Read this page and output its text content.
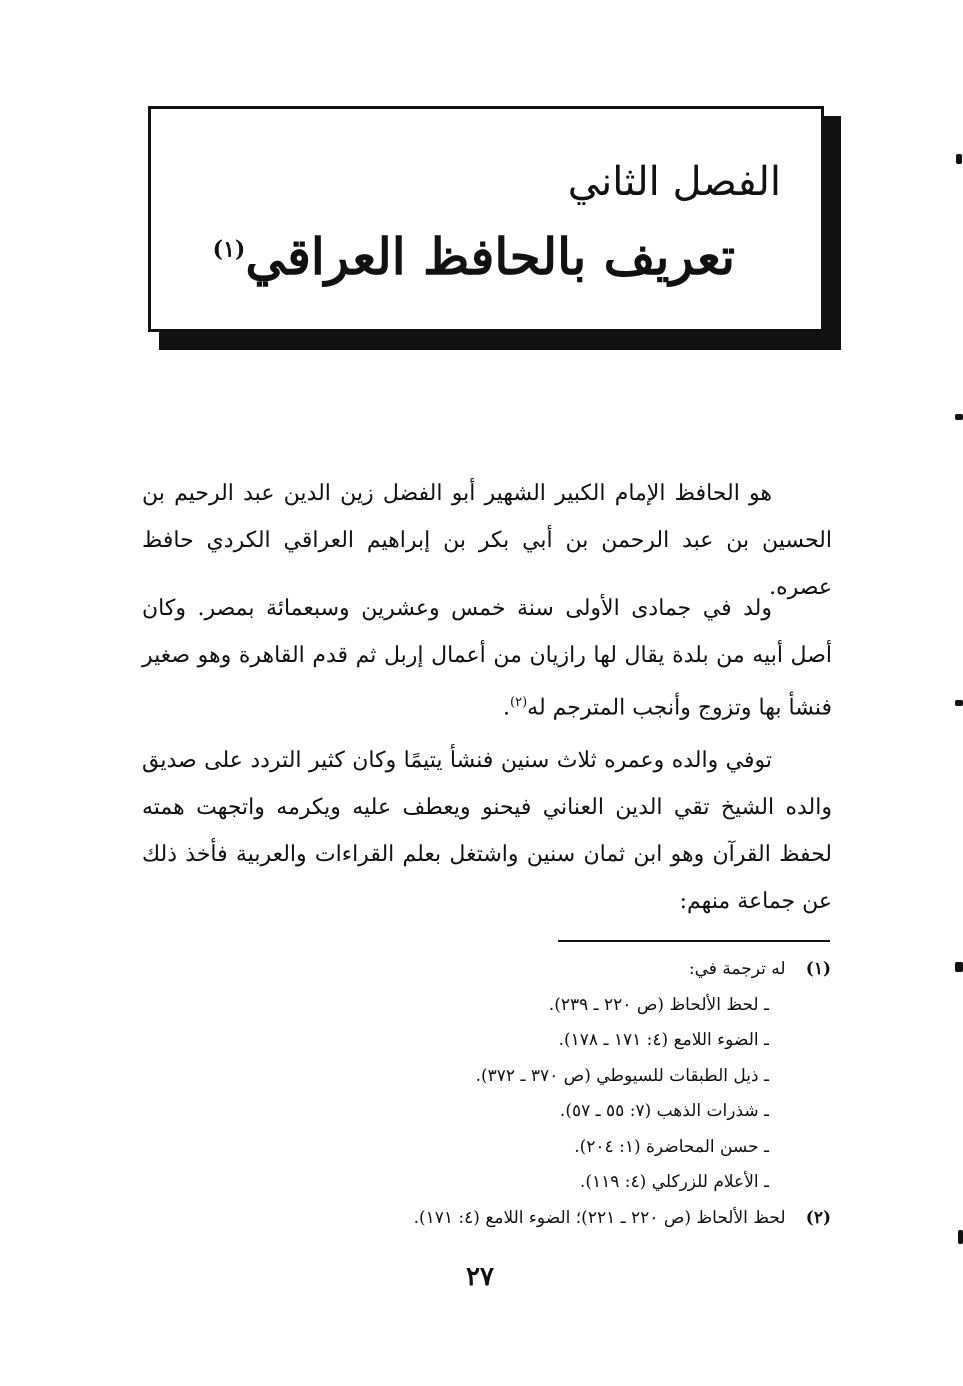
الفصل الثاني
تعريف بالحافظ العراقي$^{(١)}$

هو الحافظ الإمام الكبير الشهير أبو الفضل زين الدين عبد الرحيم بن الحسين بن عبد الرحمن بن أبي بكر بن إبراهيم العراقي الكردي حافظ عصره.

ولد في جمادى الأولى سنة خمس وعشرين وسبعمائة بمصر. وكان أصل أبيه من بلدة يقال لها رازيان من أعمال إربل ثم قدم القاهرة وهو صغير فنشأ بها وتزوج وأنجب المترجم له$^{(٢)}$.

توفي والده وعمره ثلاث سنين فنشأ يتيمًا وكان كثير التردد على صديق والده الشيخ تقي الدين العناني فيحنو ويعطف عليه ويكرمه واتجهت همته لحفظ القرآن وهو ابن ثمان سنين واشتغل بعلم القراءات والعربية فأخذ ذلك عن جماعة منهم:

(١) له ترجمة في:
ـ لحظ الألحاظ (ص ٢٢٠ ـ ٢٣٩).
ـ الضوء اللامع (٤: ١٧١ ـ ١٧٨).
ـ ذيل الطبقات للسيوطي (ص ٣٧٠ ـ ٣٧٢).
ـ شذرات الذهب (٧: ٥٥ ـ ٥٧).
ـ حسن المحاضرة (١: ٢٠٤).
ـ الأعلام للزركلي (٤: ١١٩).
(٢) لحظ الألحاظ (ص ٢٢٠ ـ ٢٢١)؛ الضوء اللامع (٤: ١٧١).
٢٧
